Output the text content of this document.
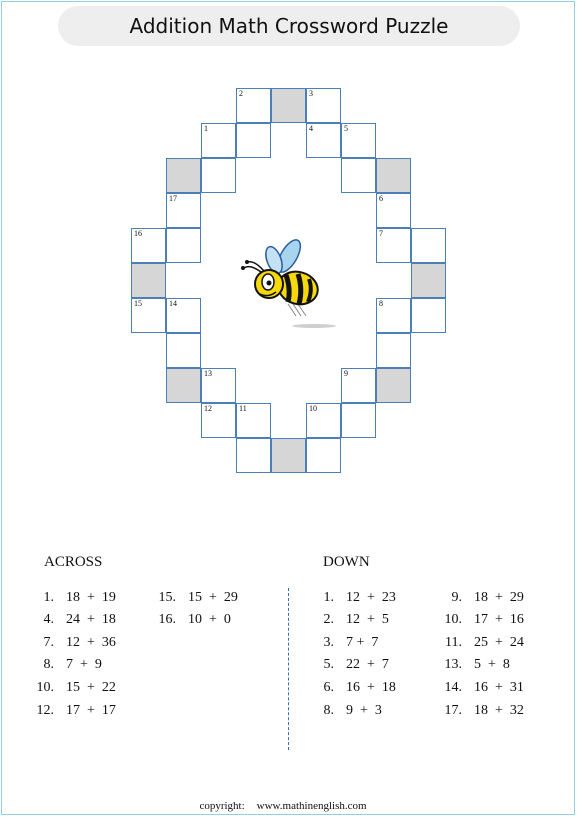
Addition Math Crossword Puzzle
2	3
1	4	5
17	6
16	7
15	14	8
13	9
12	11	10
ACROSS	DOWN
1. 18  +  19
4. 24  +  18
7. 12  +  36
8. 7  +  9
10. 15  +  22
12. 17  +  17
15. 15  +  29
16. 10  +  0
1. 12  +  23
2. 12  +  5
3. 7 +  7
5. 22  +  7
6. 16  +  18
8. 9  +  3
9. 18  +  29
10. 17  +  16
11. 25  +  24
13. 5  +  8
14. 16  +  31
17. 18  +  32
copyright: www.mathinenglish.com
